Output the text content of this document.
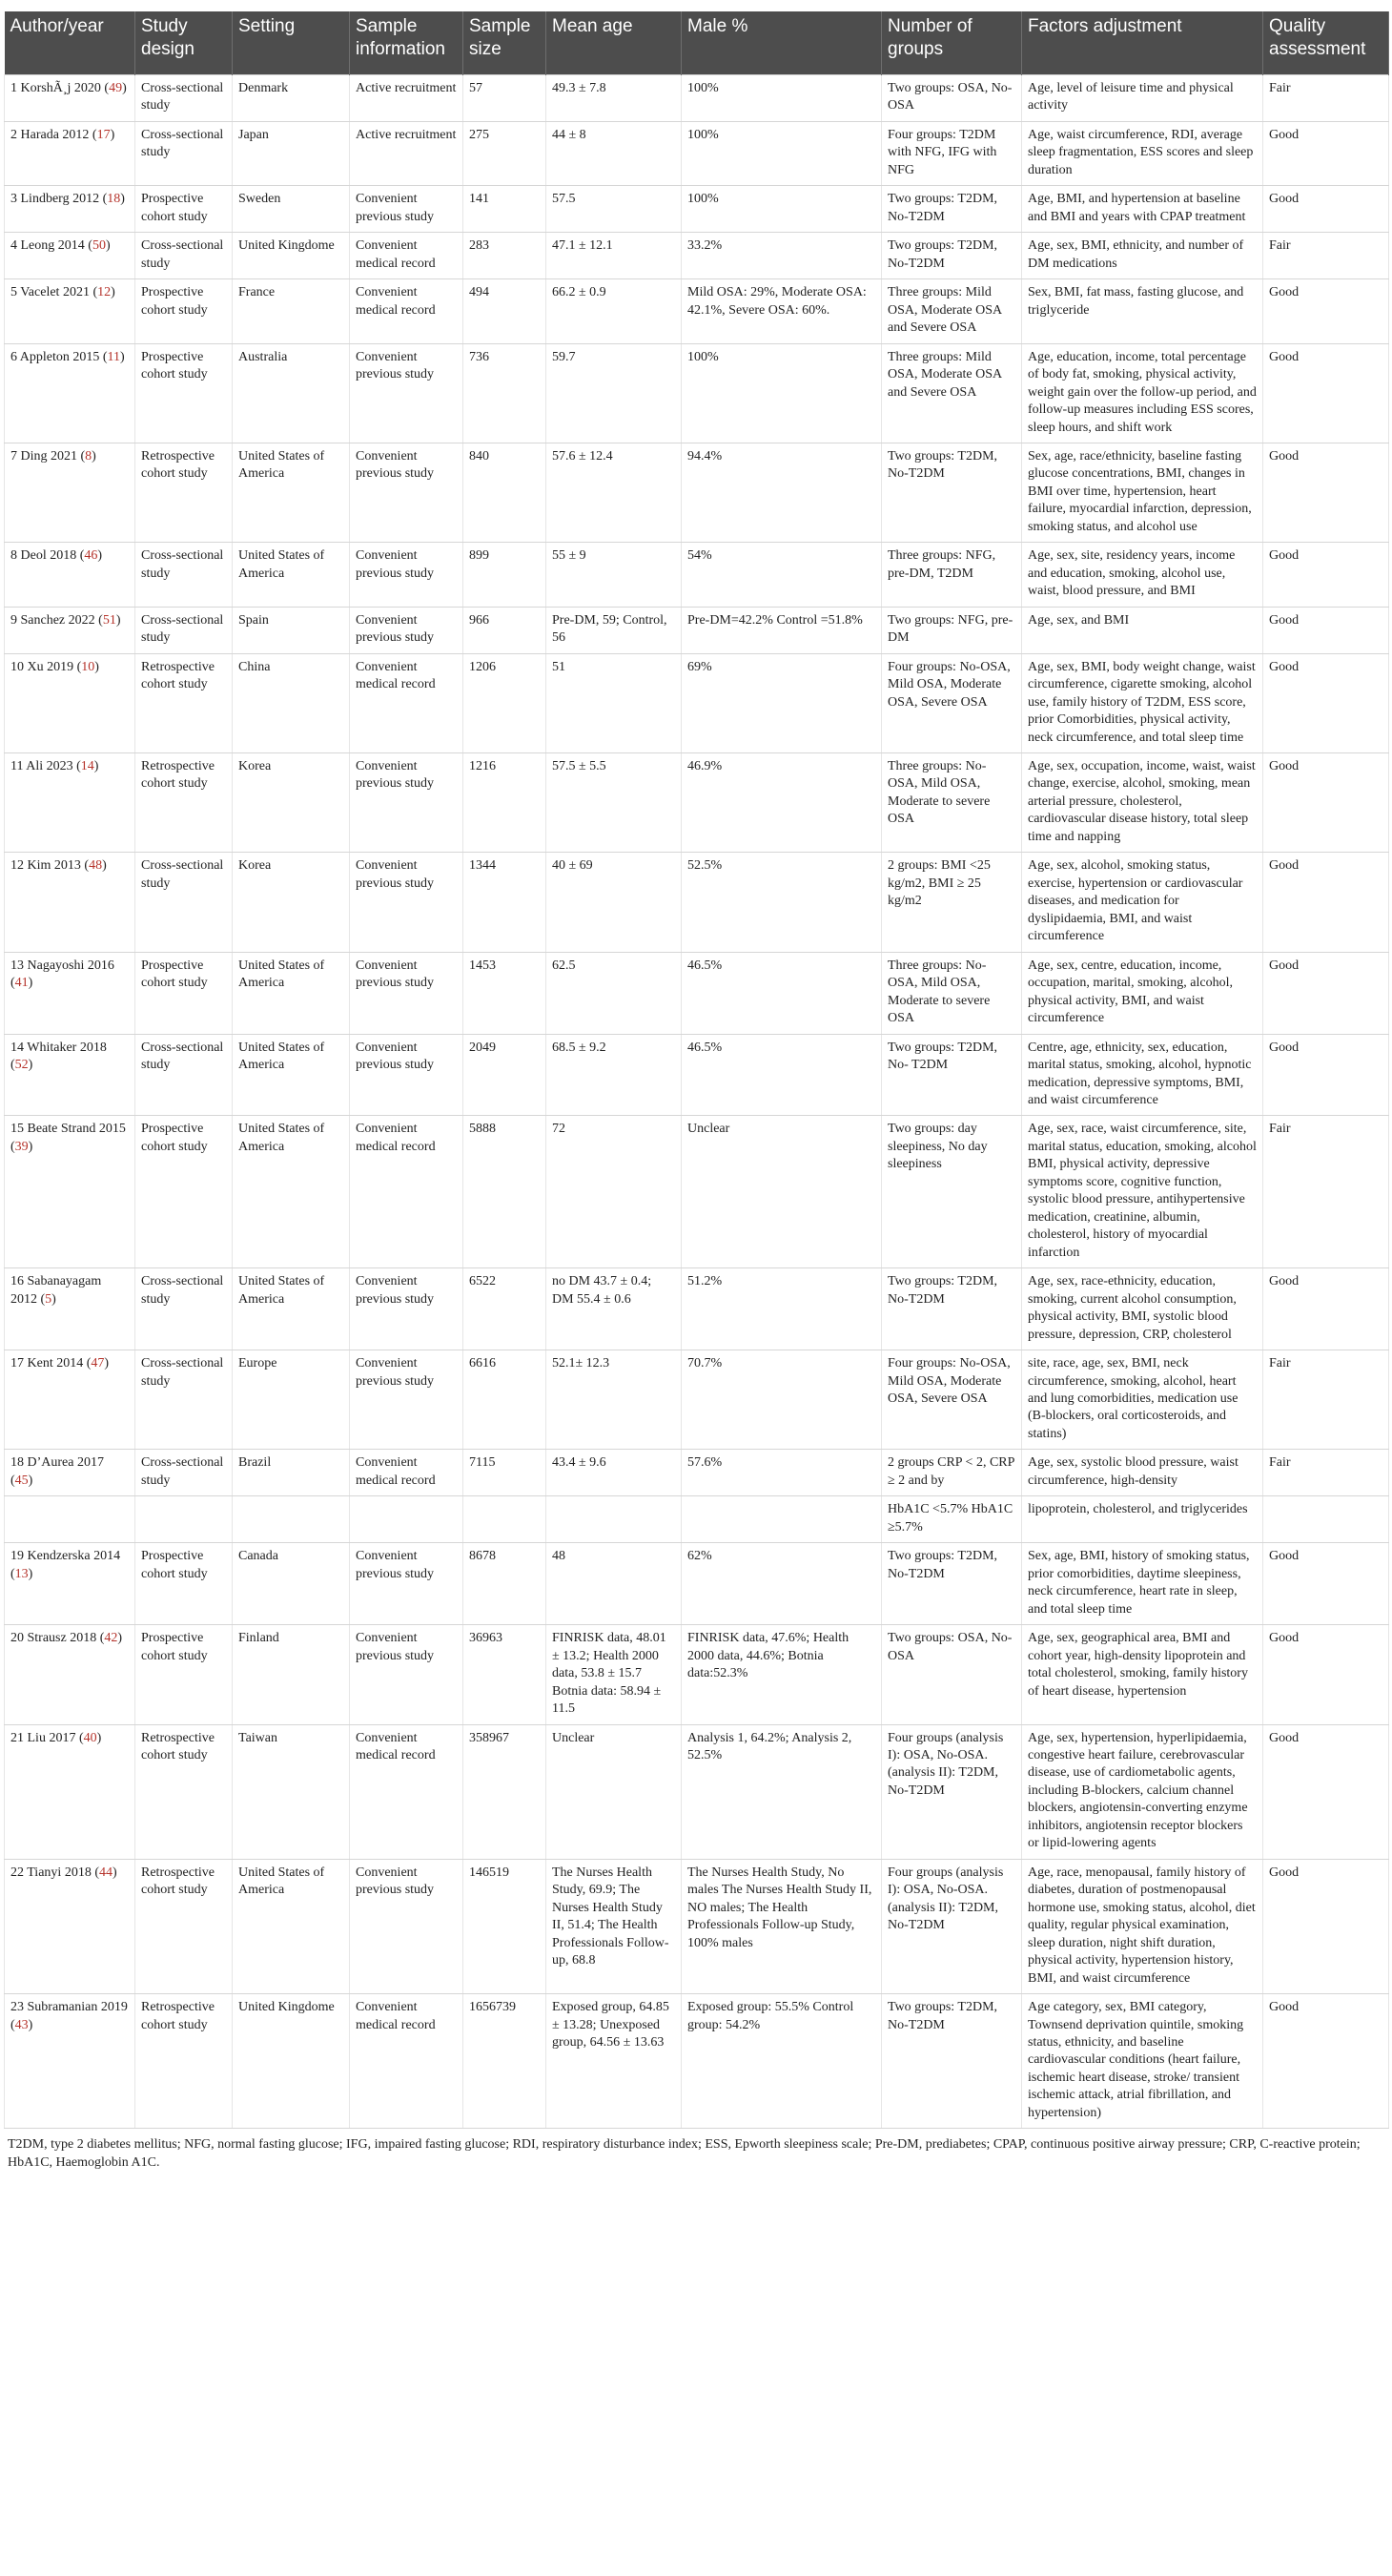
Author/year	Study design	Setting	Sample information	Sample size	Mean age	Male %	Number of groups	Factors adjustment	Quality assessment
1 KorshÃ¸j 2020 (49)	Cross-sectional study	Denmark	Active recruitment	57	49.3 ± 7.8	100%	Two groups: OSA, No-OSA	Age, level of leisure time and physical activity	Fair
2 Harada 2012 (17)	Cross-sectional study	Japan	Active recruitment	275	44 ± 8	100%	Four groups: T2DM with NFG, IFG with NFG	Age, waist circumference, RDI, average sleep fragmentation, ESS scores and sleep duration	Good
3 Lindberg 2012 (18)	Prospective cohort study	Sweden	Convenient previous study	141	57.5	100%	Two groups: T2DM, No-T2DM	Age, BMI, and hypertension at baseline and BMI and years with CPAP treatment	Good
4 Leong 2014 (50)	Cross-sectional study	United Kingdome	Convenient medical record	283	47.1 ± 12.1	33.2%	Two groups: T2DM, No-T2DM	Age, sex, BMI, ethnicity, and number of DM medications	Fair
5 Vacelet 2021 (12)	Prospective cohort study	France	Convenient medical record	494	66.2 ± 0.9	Mild OSA: 29%, Moderate OSA: 42.1%, Severe OSA: 60%.	Three groups: Mild OSA, Moderate OSA and Severe OSA	Sex, BMI, fat mass, fasting glucose, and triglyceride	Good
6 Appleton 2015 (11)	Prospective cohort study	Australia	Convenient previous study	736	59.7	100%	Three groups: Mild OSA, Moderate OSA and Severe OSA	Age, education, income, total percentage of body fat, smoking, physical activity, weight gain over the follow-up period, and follow-up measures including ESS scores, sleep hours, and shift work	Good
7 Ding 2021 (8)	Retrospective cohort study	United States of America	Convenient previous study	840	57.6 ± 12.4	94.4%	Two groups: T2DM, No-T2DM	Sex, age, race/ethnicity, baseline fasting glucose concentrations, BMI, changes in BMI over time, hypertension, heart failure, myocardial infarction, depression, smoking status, and alcohol use	Good
8 Deol 2018 (46)	Cross-sectional study	United States of America	Convenient previous study	899	55 ± 9	54%	Three groups: NFG, pre-DM, T2DM	Age, sex, site, residency years, income and education, smoking, alcohol use, waist, blood pressure, and BMI	Good
9 Sanchez 2022 (51)	Cross-sectional study	Spain	Convenient previous study	966	Pre-DM, 59; Control, 56	Pre-DM=42.2% Control =51.8%	Two groups: NFG, pre-DM	Age, sex, and BMI	Good
10 Xu 2019 (10)	Retrospective cohort study	China	Convenient medical record	1206	51	69%	Four groups: No-OSA, Mild OSA, Moderate OSA, Severe OSA	Age, sex, BMI, body weight change, waist circumference, cigarette smoking, alcohol use, family history of T2DM, ESS score, prior Comorbidities, physical activity, neck circumference, and total sleep time	Good
11 Ali 2023 (14)	Retrospective cohort study	Korea	Convenient previous study	1216	57.5 ± 5.5	46.9%	Three groups: No-OSA, Mild OSA, Moderate to severe OSA	Age, sex, occupation, income, waist, waist change, exercise, alcohol, smoking, mean arterial pressure, cholesterol, cardiovascular disease history, total sleep time and napping	Good
12 Kim 2013 (48)	Cross-sectional study	Korea	Convenient previous study	1344	40 ± 69	52.5%	2 groups: BMI <25 kg/m2, BMI ≥ 25 kg/m2	Age, sex, alcohol, smoking status, exercise, hypertension or cardiovascular diseases, and medication for dyslipidaemia, BMI, and waist circumference	Good
13 Nagayoshi 2016 (41)	Prospective cohort study	United States of America	Convenient previous study	1453	62.5	46.5%	Three groups: No-OSA, Mild OSA, Moderate to severe OSA	Age, sex, centre, education, income, occupation, marital, smoking, alcohol, physical activity, BMI, and waist circumference	Good
14 Whitaker 2018 (52)	Cross-sectional study	United States of America	Convenient previous study	2049	68.5 ± 9.2	46.5%	Two groups: T2DM, No- T2DM	Centre, age, ethnicity, sex, education, marital status, smoking, alcohol, hypnotic medication, depressive symptoms, BMI, and waist circumference	Good
15 Beate Strand 2015 (39)	Prospective cohort study	United States of America	Convenient medical record	5888	72	Unclear	Two groups: day sleepiness, No day sleepiness	Age, sex, race, waist circumference, site, marital status, education, smoking, alcohol BMI, physical activity, depressive symptoms score, cognitive function, systolic blood pressure, antihypertensive medication, creatinine, albumin, cholesterol, history of myocardial infarction	Fair
16 Sabanayagam 2012 (5)	Cross-sectional study	United States of America	Convenient previous study	6522	no DM 43.7 ± 0.4; DM 55.4 ± 0.6	51.2%	Two groups: T2DM, No-T2DM	Age, sex, race-ethnicity, education, smoking, current alcohol consumption, physical activity, BMI, systolic blood pressure, depression, CRP, cholesterol	Good
17 Kent 2014 (47)	Cross-sectional study	Europe	Convenient previous study	6616	52.1± 12.3	70.7%	Four groups: No-OSA, Mild OSA, Moderate OSA, Severe OSA	site, race, age, sex, BMI, neck circumference, smoking, alcohol, heart and lung comorbidities, medication use (B-blockers, oral corticosteroids, and statins)	Fair
18 D’Aurea 2017 (45)	Cross-sectional study	Brazil	Convenient medical record	7115	43.4 ± 9.6	57.6%	2 groups CRP < 2, CRP ≥ 2 and by	Age, sex, systolic blood pressure, waist circumference, high-density	Fair
							HbA1C <5.7% HbA1C ≥5.7%	lipoprotein, cholesterol, and triglycerides	
19 Kendzerska 2014 (13)	Prospective cohort study	Canada	Convenient previous study	8678	48	62%	Two groups: T2DM, No-T2DM	Sex, age, BMI, history of smoking status, prior comorbidities, daytime sleepiness, neck circumference, heart rate in sleep, and total sleep time	Good
20 Strausz 2018 (42)	Prospective cohort study	Finland	Convenient previous study	36963	FINRISK data, 48.01 ± 13.2; Health 2000 data, 53.8 ± 15.7 Botnia data: 58.94 ± 11.5	FINRISK data, 47.6%; Health 2000 data, 44.6%; Botnia data:52.3%	Two groups: OSA, No-OSA	Age, sex, geographical area, BMI and cohort year, high-density lipoprotein and total cholesterol, smoking, family history of heart disease, hypertension	Good
21 Liu 2017 (40)	Retrospective cohort study	Taiwan	Convenient medical record	358967	Unclear	Analysis 1, 64.2%; Analysis 2, 52.5%	Four groups (analysis I): OSA, No-OSA. (analysis II): T2DM, No-T2DM	Age, sex, hypertension, hyperlipidaemia, congestive heart failure, cerebrovascular disease, use of cardiometabolic agents, including B-blockers, calcium channel blockers, angiotensin-converting enzyme inhibitors, angiotensin receptor blockers or lipid-lowering agents	Good
22 Tianyi 2018 (44)	Retrospective cohort study	United States of America	Convenient previous study	146519	The Nurses Health Study, 69.9; The Nurses Health Study II, 51.4; The Health Professionals Follow-up, 68.8	The Nurses Health Study, No males The Nurses Health Study II, NO males; The Health Professionals Follow-up Study, 100% males	Four groups (analysis I): OSA, No-OSA. (analysis II): T2DM, No-T2DM	Age, race, menopausal, family history of diabetes, duration of postmenopausal hormone use, smoking status, alcohol, diet quality, regular physical examination, sleep duration, night shift duration, physical activity, hypertension history, BMI, and waist circumference	Good
23 Subramanian 2019 (43)	Retrospective cohort study	United Kingdome	Convenient medical record	1656739	Exposed group, 64.85 ± 13.28; Unexposed group, 64.56 ± 13.63	Exposed group: 55.5% Control group: 54.2%	Two groups: T2DM, No-T2DM	Age category, sex, BMI category, Townsend deprivation quintile, smoking status, ethnicity, and baseline cardiovascular conditions (heart failure, ischemic heart disease, stroke/ transient ischemic attack, atrial fibrillation, and hypertension)	Good
T2DM, type 2 diabetes mellitus; NFG, normal fasting glucose; IFG, impaired fasting glucose; RDI, respiratory disturbance index; ESS, Epworth sleepiness scale; Pre-DM, prediabetes; CPAP, continuous positive airway pressure; CRP, C-reactive protein; HbA1C, Haemoglobin A1C.
